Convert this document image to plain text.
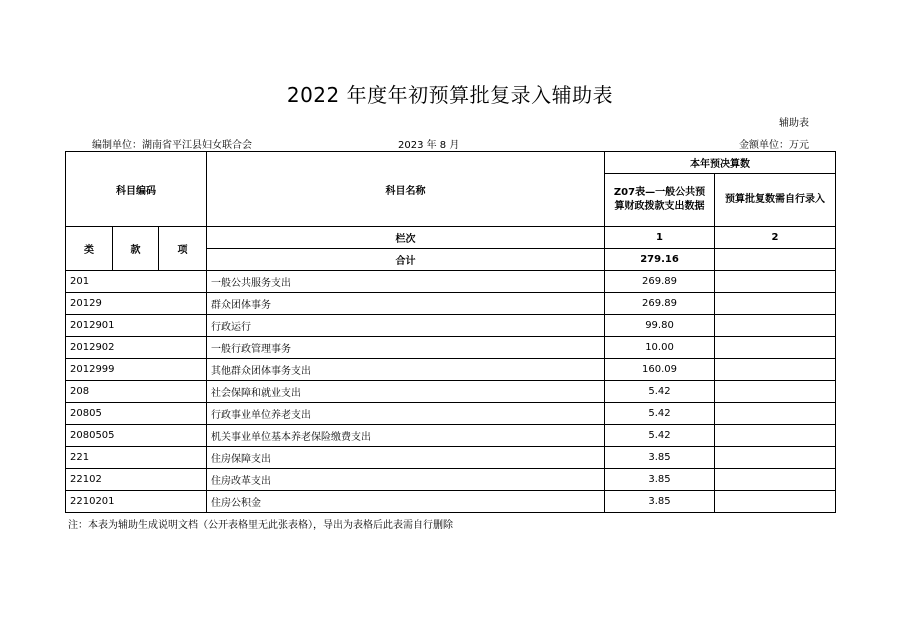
2022 年度年初预算批复录入辅助表
辅助表
编制单位：湖南省平江县妇女联合会	2023 年 8 月	金额单位：万元
科目编码			科目名称	本年预决算数	
				Z07表—一般公共预算财政拨款支出数据	预算批复数需自行录入
类	款	项	栏次	1	2
			合计	279.16	
201			一般公共服务支出	269.89	
20129			群众团体事务	269.89	
2012901			行政运行	99.80	
2012902			一般行政管理事务	10.00	
2012999			其他群众团体事务支出	160.09	
208			社会保障和就业支出	5.42	
20805			行政事业单位养老支出	5.42	
2080505			机关事业单位基本养老保险缴费支出	5.42	
221			住房保障支出	3.85	
22102			住房改革支出	3.85	
2210201			住房公积金	3.85	
注：本表为辅助生成说明文档（公开表格里无此张表格），导出为表格后此表需自行删除
